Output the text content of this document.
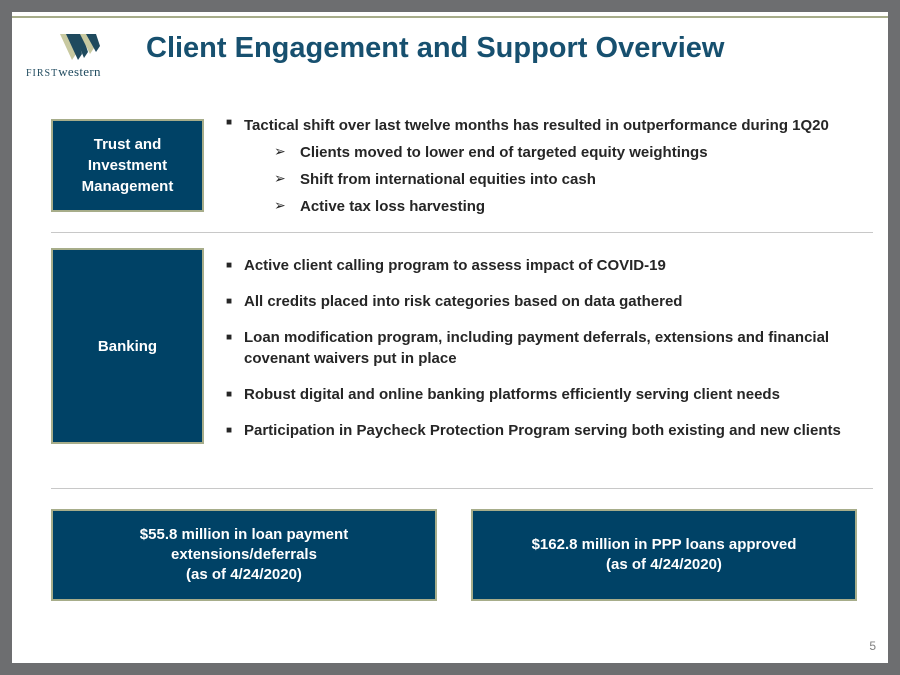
FIRSTwestern
Client Engagement and Support Overview
Trust and Investment Management
■ Tactical shift over last twelve months has resulted in outperformance during 1Q20
➢ Clients moved to lower end of targeted equity weightings
➢ Shift from international equities into cash
➢ Active tax loss harvesting
Banking
■ Active client calling program to assess impact of COVID-19
■ All credits placed into risk categories based on data gathered
■ Loan modification program, including payment deferrals, extensions and financial covenant waivers put in place
■ Robust digital and online banking platforms efficiently serving client needs
■ Participation in Paycheck Protection Program serving both existing and new clients
$55.8 million in loan payment
extensions/deferrals
(as of 4/24/2020)
$162.8 million in PPP loans approved
(as of 4/24/2020)
5
